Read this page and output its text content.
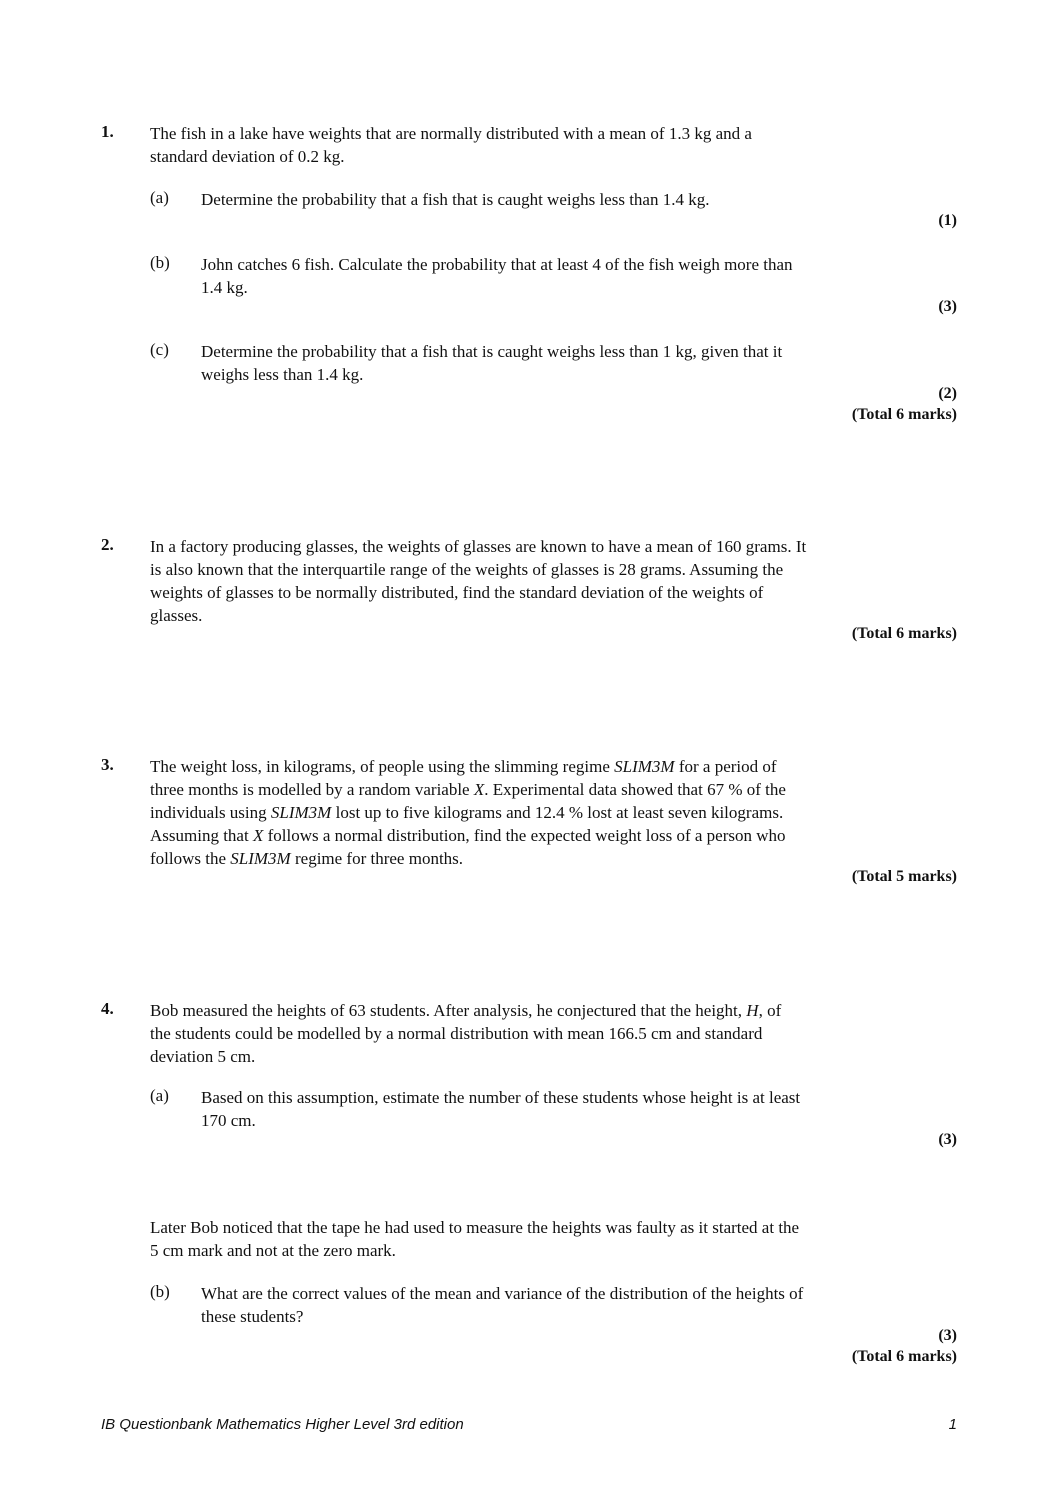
1. The fish in a lake have weights that are normally distributed with a mean of 1.3 kg and a
standard deviation of 0.2 kg.
(a) Determine the probability that a fish that is caught weighs less than 1.4 kg.
(1)
(b) John catches 6 fish. Calculate the probability that at least 4 of the fish weigh more than
1.4 kg.
(3)
(c) Determine the probability that a fish that is caught weighs less than 1 kg, given that it
weighs less than 1.4 kg.
(2)
(Total 6 marks)
2. In a factory producing glasses, the weights of glasses are known to have a mean of 160 grams. It
is also known that the interquartile range of the weights of glasses is 28 grams. Assuming the
weights of glasses to be normally distributed, find the standard deviation of the weights of
glasses.
(Total 6 marks)
3. The weight loss, in kilograms, of people using the slimming regime SLIM3M for a period of
three months is modelled by a random variable X. Experimental data showed that 67 % of the
individuals using SLIM3M lost up to five kilograms and 12.4 % lost at least seven kilograms.
Assuming that X follows a normal distribution, find the expected weight loss of a person who
follows the SLIM3M regime for three months.
(Total 5 marks)
4. Bob measured the heights of 63 students. After analysis, he conjectured that the height, H, of
the students could be modelled by a normal distribution with mean 166.5 cm and standard
deviation 5 cm.
(a) Based on this assumption, estimate the number of these students whose height is at least
170 cm.
(3)
Later Bob noticed that the tape he had used to measure the heights was faulty as it started at the
5 cm mark and not at the zero mark.
(b) What are the correct values of the mean and variance of the distribution of the heights of
these students?
(3)
(Total 6 marks)
IB Questionbank Mathematics Higher Level 3rd edition	1
